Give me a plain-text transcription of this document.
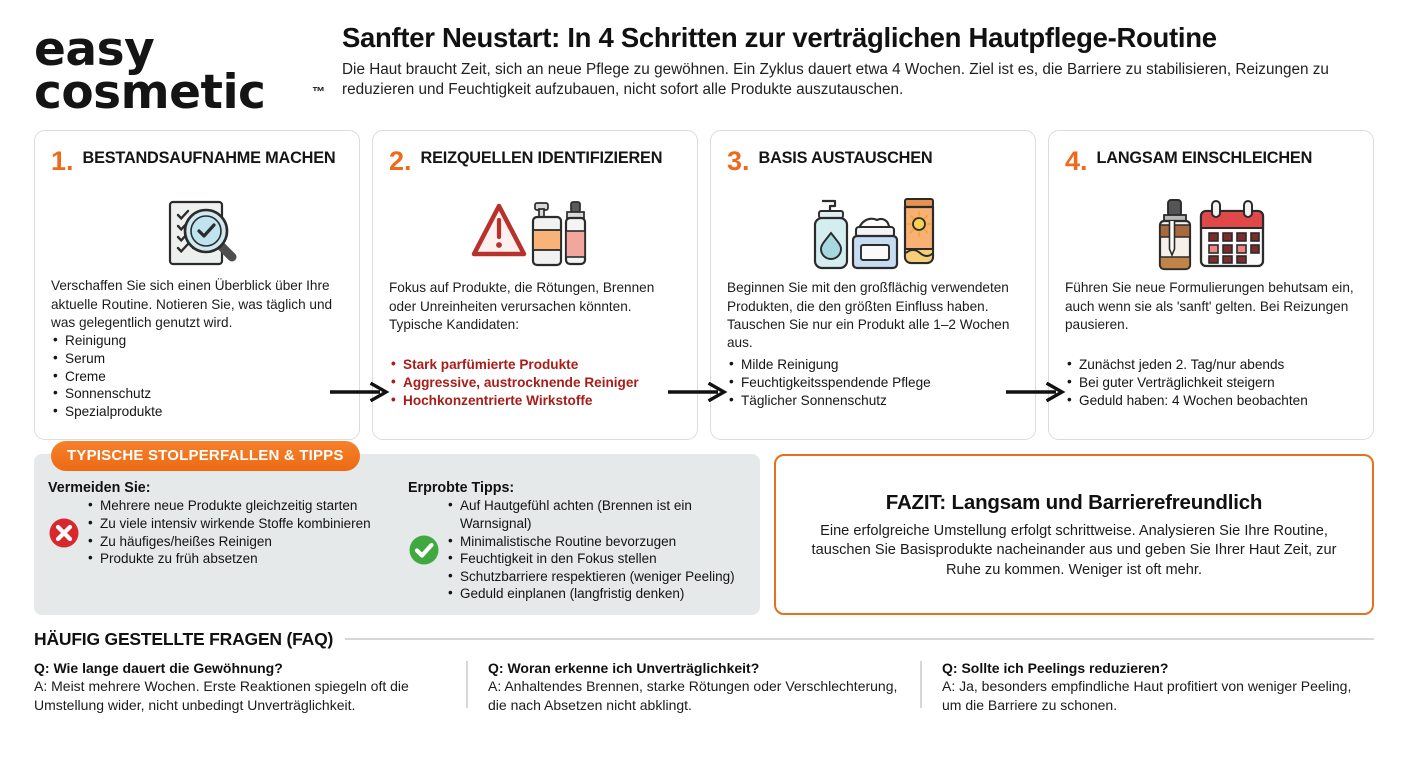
easy
cosmetic	™
Sanfter Neustart: In 4 Schritten zur verträglichen Hautpflege-Routine
Die Haut braucht Zeit, sich an neue Pflege zu gewöhnen. Ein Zyklus dauert etwa 4 Wochen. Ziel ist es, die Barriere zu stabilisieren, Reizungen zu reduzieren und Feuchtigkeit aufzubauen, nicht sofort alle Produkte auszutauschen.
1. BESTANDSAUFNAHME MACHEN
Verschaffen Sie sich einen Überblick über Ihre aktuelle Routine. Notieren Sie, was täglich und was gelegentlich genutzt wird.
• Reinigung
• Serum
• Creme
• Sonnenschutz
• Spezialprodukte
2. REIZQUELLEN IDENTIFIZIEREN
Fokus auf Produkte, die Rötungen, Brennen oder Unreinheiten verursachen könnten. Typische Kandidaten:
• Stark parfümierte Produkte
• Aggressive, austrocknende Reiniger
• Hochkonzentrierte Wirkstoffe
3. BASIS AUSTAUSCHEN
Beginnen Sie mit den großflächig verwendeten Produkten, die den größten Einfluss haben. Tauschen Sie nur ein Produkt alle 1–2 Wochen aus.
• Milde Reinigung
• Feuchtigkeitsspendende Pflege
• Täglicher Sonnenschutz
4. LANGSAM EINSCHLEICHEN
Führen Sie neue Formulierungen behutsam ein, auch wenn sie als 'sanft' gelten. Bei Reizungen pausieren.
• Zunächst jeden 2. Tag/nur abends
• Bei guter Verträglichkeit steigern
• Geduld haben: 4 Wochen beobachten
TYPISCHE STOLPERFALLEN & TIPPS
Vermeiden Sie:
• Mehrere neue Produkte gleichzeitig starten
• Zu viele intensiv wirkende Stoffe kombinieren
• Zu häufiges/heißes Reinigen
• Produkte zu früh absetzen
Erprobte Tipps:
• Auf Hautgefühl achten (Brennen ist ein Warnsignal)
• Minimalistische Routine bevorzugen
• Feuchtigkeit in den Fokus stellen
• Schutzbarriere respektieren (weniger Peeling)
• Geduld einplanen (langfristig denken)
FAZIT: Langsam und Barrierefreundlich
Eine erfolgreiche Umstellung erfolgt schrittweise. Analysieren Sie Ihre Routine, tauschen Sie Basisprodukte nacheinander aus und geben Sie Ihrer Haut Zeit, zur Ruhe zu kommen. Weniger ist oft mehr.
HÄUFIG GESTELLTE FRAGEN (FAQ)
Q: Wie lange dauert die Gewöhnung?
A: Meist mehrere Wochen. Erste Reaktionen spiegeln oft die Umstellung wider, nicht unbedingt Unverträglichkeit.
Q: Woran erkenne ich Unverträglichkeit?
A: Anhaltendes Brennen, starke Rötungen oder Verschlechterung, die nach Absetzen nicht abklingt.
Q: Sollte ich Peelings reduzieren?
A: Ja, besonders empfindliche Haut profitiert von weniger Peeling, um die Barriere zu schonen.
